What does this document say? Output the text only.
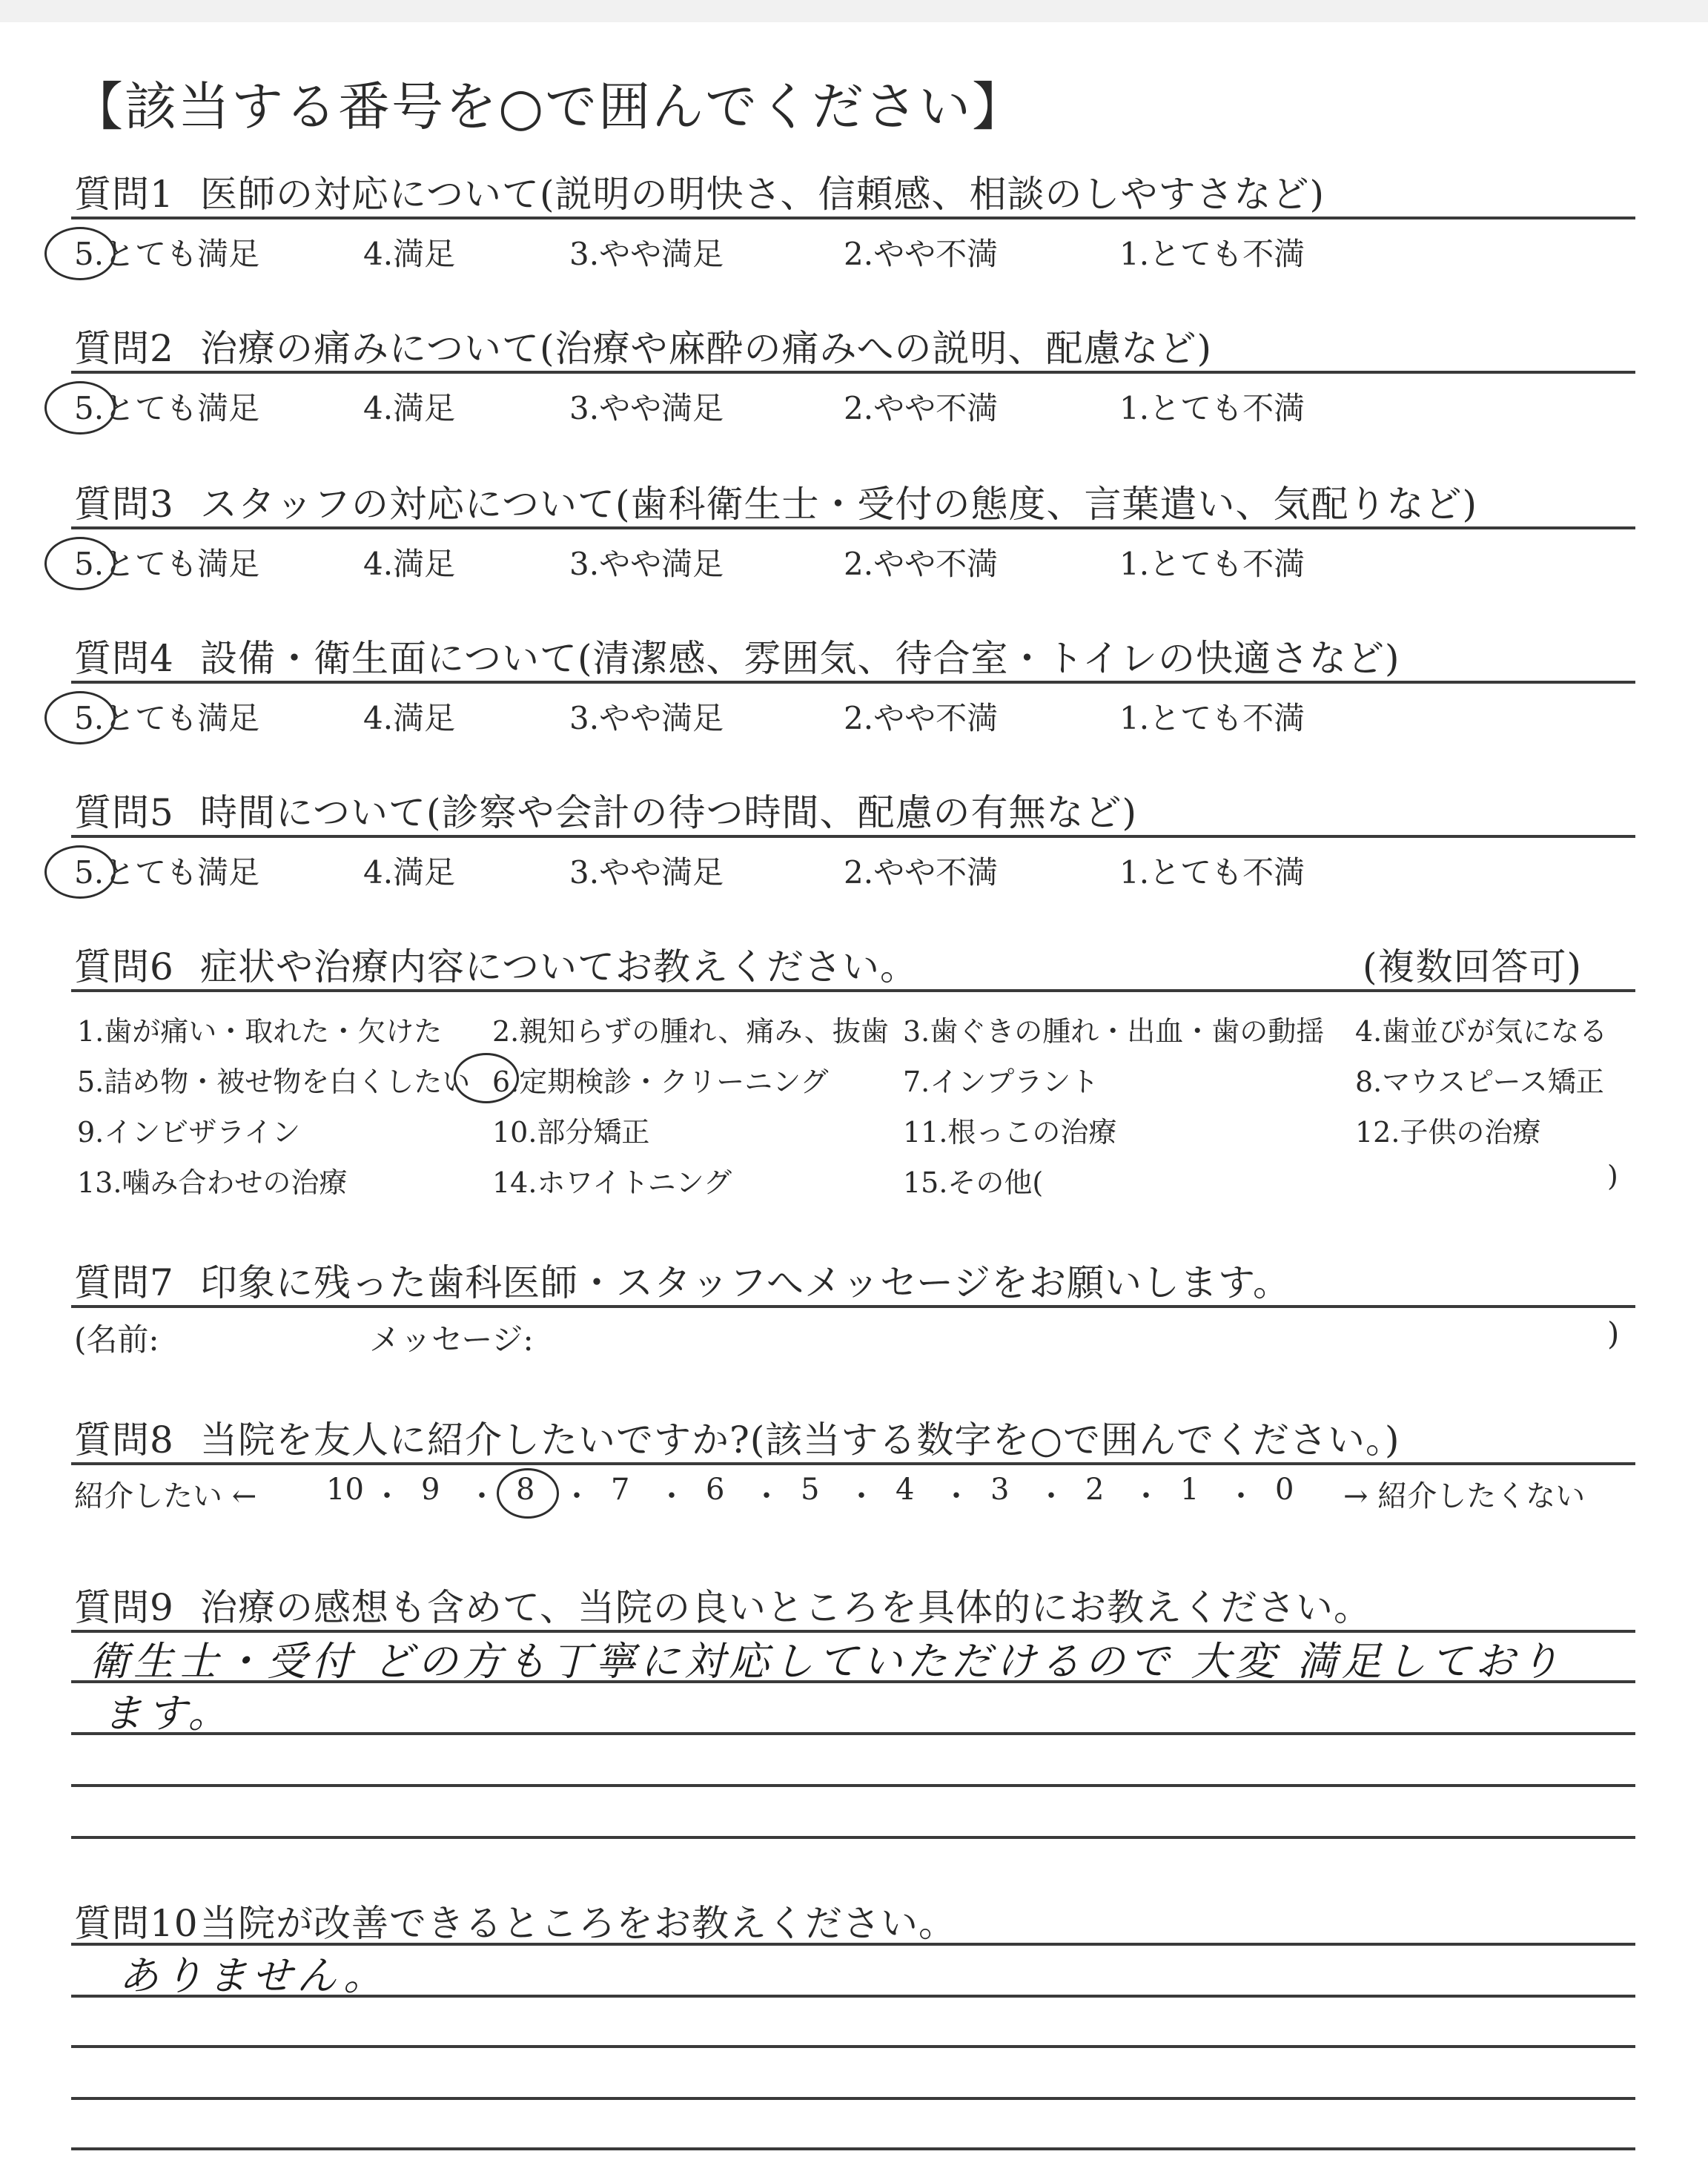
【該当する番号を○で囲んでください】
質問1 医師の対応について(説明の明快さ、信頼感、相談のしやすさなど)
5.とても満足	4.満足	3.やや満足	2.やや不満	1.とても不満
質問2 治療の痛みについて(治療や麻酔の痛みへの説明、配慮など)
5.とても満足	4.満足	3.やや満足	2.やや不満	1.とても不満
質問3 スタッフの対応について(歯科衛生士・受付の態度、言葉遣い、気配りなど)
5.とても満足	4.満足	3.やや満足	2.やや不満	1.とても不満
質問4 設備・衛生面について(清潔感、雰囲気、待合室・トイレの快適さなど)
5.とても満足	4.満足	3.やや満足	2.やや不満	1.とても不満
質問5 時間について(診察や会計の待つ時間、配慮の有無など)
5.とても満足	4.満足	3.やや満足	2.やや不満	1.とても不満
質問6 症状や治療内容についてお教えください。	(複数回答可)
1.歯が痛い・取れた・欠けた 2.親知らずの腫れ、痛み、抜歯 3.歯ぐきの腫れ・出血・歯の動揺 4.歯並びが気になる
5.詰め物・被せ物を白くしたい 6.定期検診・クリーニング	7.インプラント	8.マウスピース矯正
9.インビザライン	10.部分矯正	11.根っこの治療	12.子供の治療
13.噛み合わせの治療	14.ホワイトニング	15.その他(	)
質問7 印象に残った歯科医師・スタッフへメッセージをお願いします。
(名前:	メッセージ:	)
質問8 当院を友人に紹介したいですか?(該当する数字を○で囲んでください。)
紹介したい ←	→ 紹介したくない
10 ・ 9 ・ 8 ・ 7 ・ 6 ・ 5 ・ 4 ・ 3 ・ 2 ・ 1 ・ 0
質問9 治療の感想も含めて、当院の良いところを具体的にお教えください。
衛生士・受付 どの方も丁寧に対応していただけるので 大変 満足しており
ます。
質問10当院が改善できるところをお教えください。
ありません。
